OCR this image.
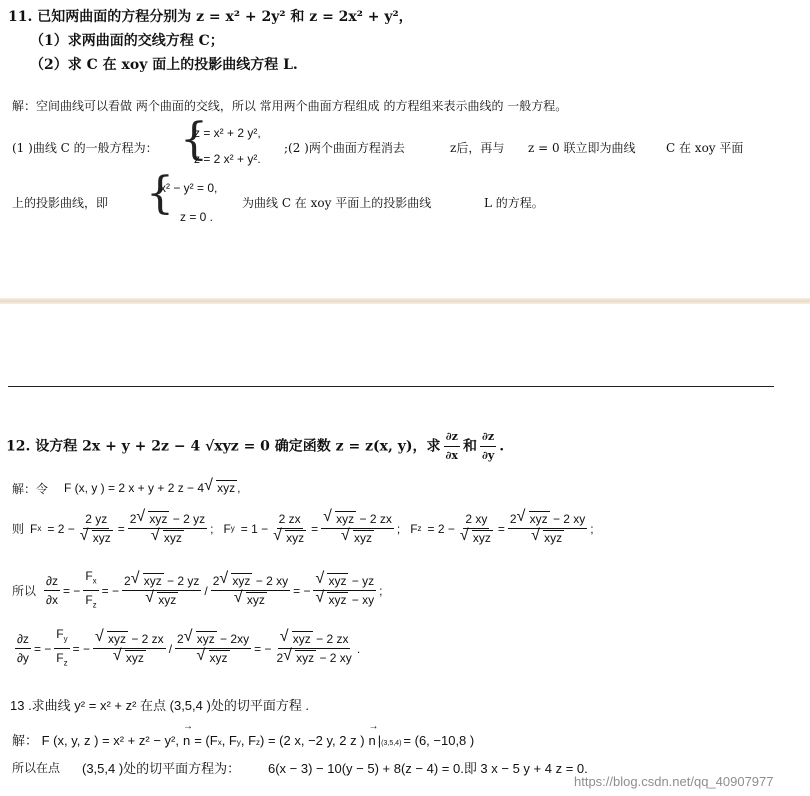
11. 已知两曲面的方程分别为 z = x² + 2y² 和 z = 2x² + y²，
（1）求两曲面的交线方程 C；
（2）求 C 在 xoy 面上的投影曲线方程 L.
解：空间曲线可以看做 两个曲面的交线，所以 常用两个曲面方程组成 的方程组来表示曲线的 一般方程。
(1 )曲线 C 的一般方程为： {
z = x² + 2 y²,
z = 2 x² + y².
;(2 )两个曲面方程消去	z后，再与 z = 0 联立即为曲线	C 在 xoy 平面
上的投影曲线，即 {
x² − y² = 0,
z = 0 .
为曲线 C 在 xoy 平面上的投影曲线	L 的方程。
12. 设方程 2x + y + 2z − 4 √xyz = 0 确定函数 z = z(x, y)，求 $\frac{\partial z}{\partial x}$ 和 $\frac{\partial z}{\partial y}$ .
解：令 F (x, y ) = 2 x + y + 2 z − 4 √ xyz ,
则 F x = 2 − 2 yz
√ xyz = 2 √ xyz − 2 yz
√ xyz ; F y = 1 − 2 zx
√ xyz = √ xyz − 2 zx
√ xyz ; F z = 2 − 2 xy
√ xyz = 2 √ xyz − 2 xy
√ xyz ;
所以 $\frac{\partial z}{\partial x}$ = − $\frac{F_x}{F_z}$ = − 2 √ xyz − 2 yz
√ xyz / 2 √ xyz − 2 xy
√ xyz = − √ xyz − yz
√ xyz − xy ;
$\frac{\partial z}{\partial y}$ = − $\frac{F_y}{F_z}$ = − √ xyz − 2 zx
√ xyz / 2 √ xyz − 2xy
√ xyz = − √ $\frac{\text{xyz − 2 zx}}{\text{2 √ xyz − 2 xy}}$ .
13 .求曲线 y² = x² + z² 在点 (3,5,4 )处的切平面方程 .
解： F (x, y, z ) = x² + z² − y²,
→
n = (F x , F y , F z ) = (2 x, −2 y, 2 z )
→
n $|_{(3,5,4)} = (6$, −10,8 )
所以在点 (3,5,4 )处的切平面方程为： 6(x − 3) − 10(y − 5) + 8(z − 4) = 0.即 3 x − 5 y + 4 z = 0.
https://blog.csdn.net/qq_40907977
